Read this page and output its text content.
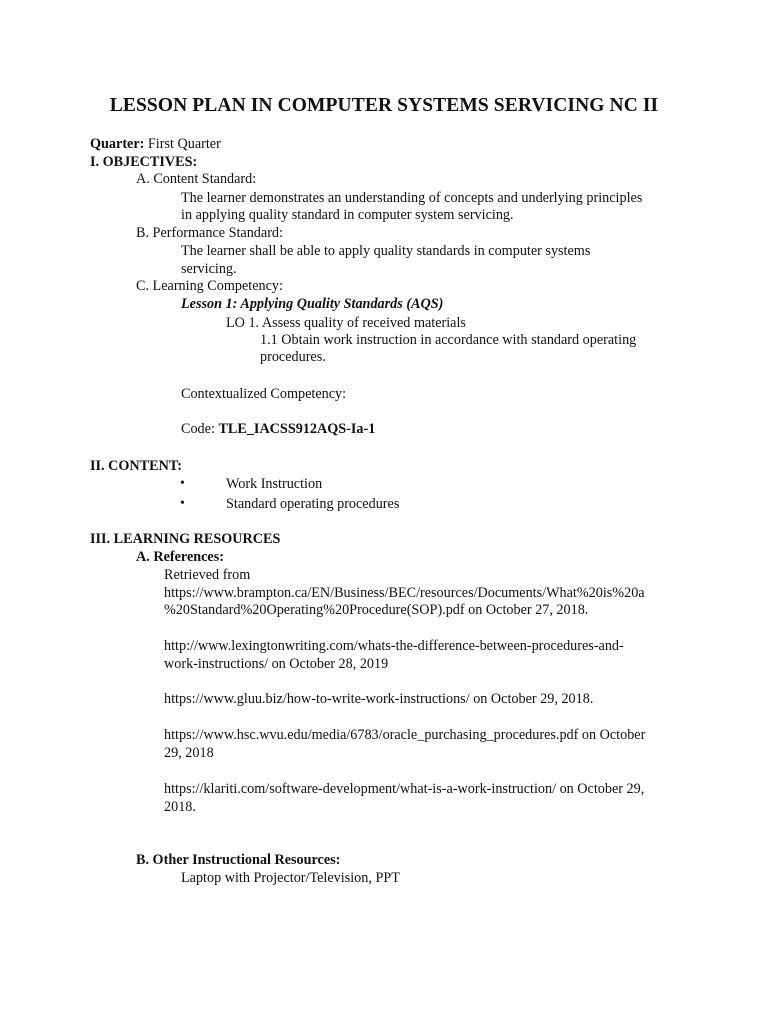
LESSON PLAN IN COMPUTER SYSTEMS SERVICING NC II
Quarter: First Quarter
I. OBJECTIVES:
A. Content Standard:
The learner demonstrates an understanding of concepts and underlying principles
in applying quality standard in computer system servicing.
B. Performance Standard:
The learner shall be able to apply quality standards in computer systems
servicing.
C. Learning Competency:
Lesson 1: Applying Quality Standards (AQS)
LO 1. Assess quality of received materials
1.1 Obtain work instruction in accordance with standard operating
procedures.
Contextualized Competency:
Code: TLE_IACSS912AQS-Ia-1
II. CONTENT:
•	Work Instruction
•	Standard operating procedures
III. LEARNING RESOURCES
A. References:
Retrieved from
https://www.brampton.ca/EN/Business/BEC/resources/Documents/What%20is%20a
%20Standard%20Operating%20Procedure(SOP).pdf on October 27, 2018.
http://www.lexingtonwriting.com/whats-the-difference-between-procedures-and-
work-instructions/ on October 28, 2019
https://www.gluu.biz/how-to-write-work-instructions/ on October 29, 2018.
https://www.hsc.wvu.edu/media/6783/oracle_purchasing_procedures.pdf on October
29, 2018
https://klariti.com/software-development/what-is-a-work-instruction/ on October 29,
2018.
B. Other Instructional Resources:
Laptop with Projector/Television, PPT
